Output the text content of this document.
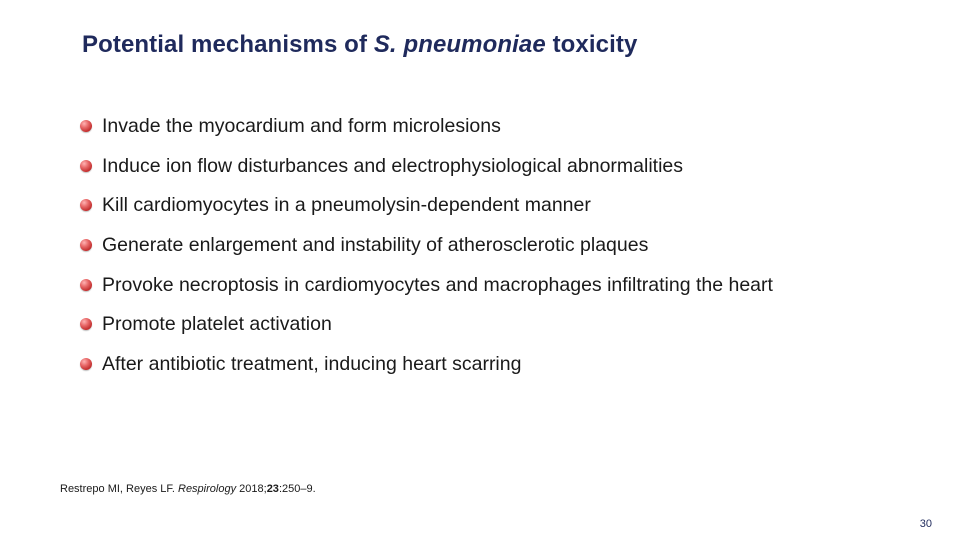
Potential mechanisms of S. pneumoniae toxicity
Invade the myocardium and form microlesions
Induce ion flow disturbances and electrophysiological abnormalities
Kill cardiomyocytes in a pneumolysin-dependent manner
Generate enlargement and instability of atherosclerotic plaques
Provoke necroptosis in cardiomyocytes and macrophages infiltrating the heart
Promote platelet activation
After antibiotic treatment, inducing heart scarring
Restrepo MI, Reyes LF. Respirology 2018;23:250–9.
30
